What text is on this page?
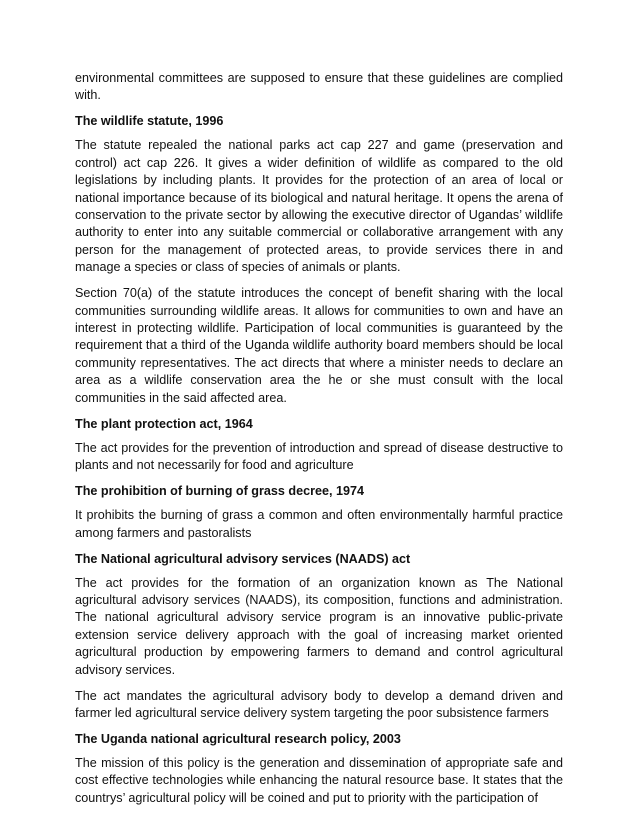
environmental committees are supposed to ensure that these guidelines are complied with.

The wildlife statute, 1996

The statute repealed the national parks act cap 227 and game (preservation and control) act cap 226. It gives a wider definition of wildlife as compared to the old legislations by including plants. It provides for the protection of an area of local or national importance because of its biological and natural heritage. It opens the arena of conservation to the private sector by allowing the executive director of Ugandas’ wildlife authority to enter into any suitable commercial or collaborative arrangement with any person for the management of protected areas, to provide services there in and manage a species or class of species of animals or plants.

Section 70(a) of the statute introduces the concept of benefit sharing with the local communities surrounding wildlife areas. It allows for communities to own and have an interest in protecting wildlife. Participation of local communities is guaranteed by the requirement that a third of the Uganda wildlife authority board members should be local community representatives. The act directs that where a minister needs to declare an area as a wildlife conservation area the he or she must consult with the local communities in the said affected area.

The plant protection act, 1964

The act provides for the prevention of introduction and spread of disease destructive to plants and not necessarily for food and agriculture

The prohibition of burning of grass decree, 1974

It prohibits the burning of grass a common and often environmentally harmful practice among farmers and pastoralists

The National agricultural advisory services (NAADS) act

The act provides for the formation of an organization known as The National agricultural advisory services (NAADS), its composition, functions and administration. The national agricultural advisory service program is an innovative public-private extension service delivery approach with the goal of increasing market oriented agricultural production by empowering farmers to demand and control agricultural advisory services.

The act mandates the agricultural advisory body to develop a demand driven and farmer led agricultural service delivery system targeting the poor subsistence farmers

The Uganda national agricultural research policy, 2003

The mission of this policy is the generation and dissemination of appropriate safe and cost effective technologies while enhancing the natural resource base. It states that the countrys’ agricultural policy will be coined and put to priority with the participation of
